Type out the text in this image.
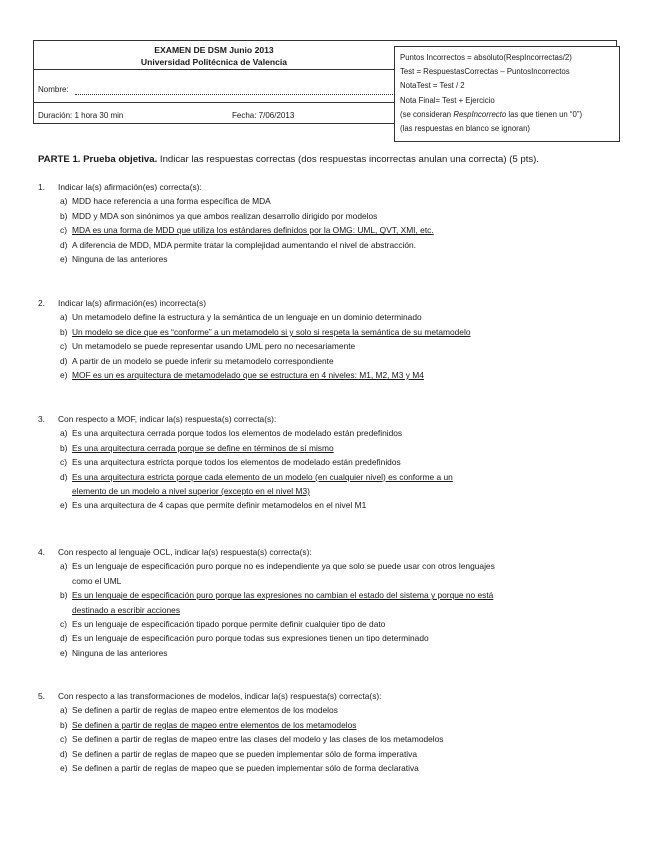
EXAMEN DE DSM Junio 2013
Universidad Politécnica de Valencia
Nombre:
Duración: 1 hora 30 min	Fecha: 7/06/2013
Puntos Incorrectos = absoluto(RespIncorrectas/2)
Test = RespuestasCorrectas – PuntosIncorrectos
NotaTest = Test / 2
Nota Final= Test + Ejercicio
(se consideran RespIncorrecto las que tienen un “0”)
(las respuestas en blanco se ignoran)
PARTE 1. Prueba objetiva. Indicar las respuestas correctas (dos respuestas incorrectas anulan una correcta) (5 pts).
1. Indicar la(s) afirmación(es) correcta(s):
a) MDD hace referencia a una forma específica de MDA
b) MDD y MDA son sinónimos ya que ambos realizan desarrollo dirigido por modelos
c) MDA es una forma de MDD que utiliza los estándares definidos por la OMG: UML, QVT, XMI, etc.
d) A diferencia de MDD, MDA permite tratar la complejidad aumentando el nivel de abstracción.
e) Ninguna de las anteriores
2. Indicar la(s) afirmación(es) incorrecta(s)
a) Un metamodelo define la estructura y la semántica de un lenguaje en un dominio determinado
b) Un modelo se dice que es “conforme” a un metamodelo si y solo si respeta la semántica de su metamodelo
c) Un metamodelo se puede representar usando UML pero no necesariamente
d) A partir de un modelo se puede inferir su metamodelo correspondiente
e) MOF es un es arquitectura de metamodelado que se estructura en 4 niveles: M1, M2, M3 y M4
3. Con respecto a MOF, indicar la(s) respuesta(s) correcta(s):
a) Es una arquitectura cerrada porque todos los elementos de modelado están predefinidos
b) Es una arquitectura cerrada porque se define en términos de sí mismo
c) Es una arquitectura estricta porque todos los elementos de modelado están predefinidos
d) Es una arquitectura estricta porque cada elemento de un modelo (en cualquier nivel) es conforme a un
elemento de un modelo a nivel superior (excepto en el nivel M3)
e) Es una arquitectura de 4 capas que permite definir metamodelos en el nivel M1
4. Con respecto al lenguaje OCL, indicar la(s) respuesta(s) correcta(s):
a) Es un lenguaje de especificación puro porque no es independiente ya que solo se puede usar con otros lenguajes
como el UML
b) Es un lenguaje de especificación puro porque las expresiones no cambian el estado del sistema y porque no está
destinado a escribir acciones
c) Es un lenguaje de especificación tipado porque permite definir cualquier tipo de dato
d) Es un lenguaje de especificación puro porque todas sus expresiones tienen un tipo determinado
e) Ninguna de las anteriores
5. Con respecto a las transformaciones de modelos, indicar la(s) respuesta(s) correcta(s):
a) Se definen a partir de reglas de mapeo entre elementos de los modelos
b) Se definen a partir de reglas de mapeo entre elementos de los metamodelos
c) Se definen a partir de reglas de mapeo entre las clases del modelo y las clases de los metamodelos
d) Se definen a partir de reglas de mapeo que se pueden implementar sólo de forma imperativa
e) Se definen a partir de reglas de mapeo que se pueden implementar sólo de forma declarativa
